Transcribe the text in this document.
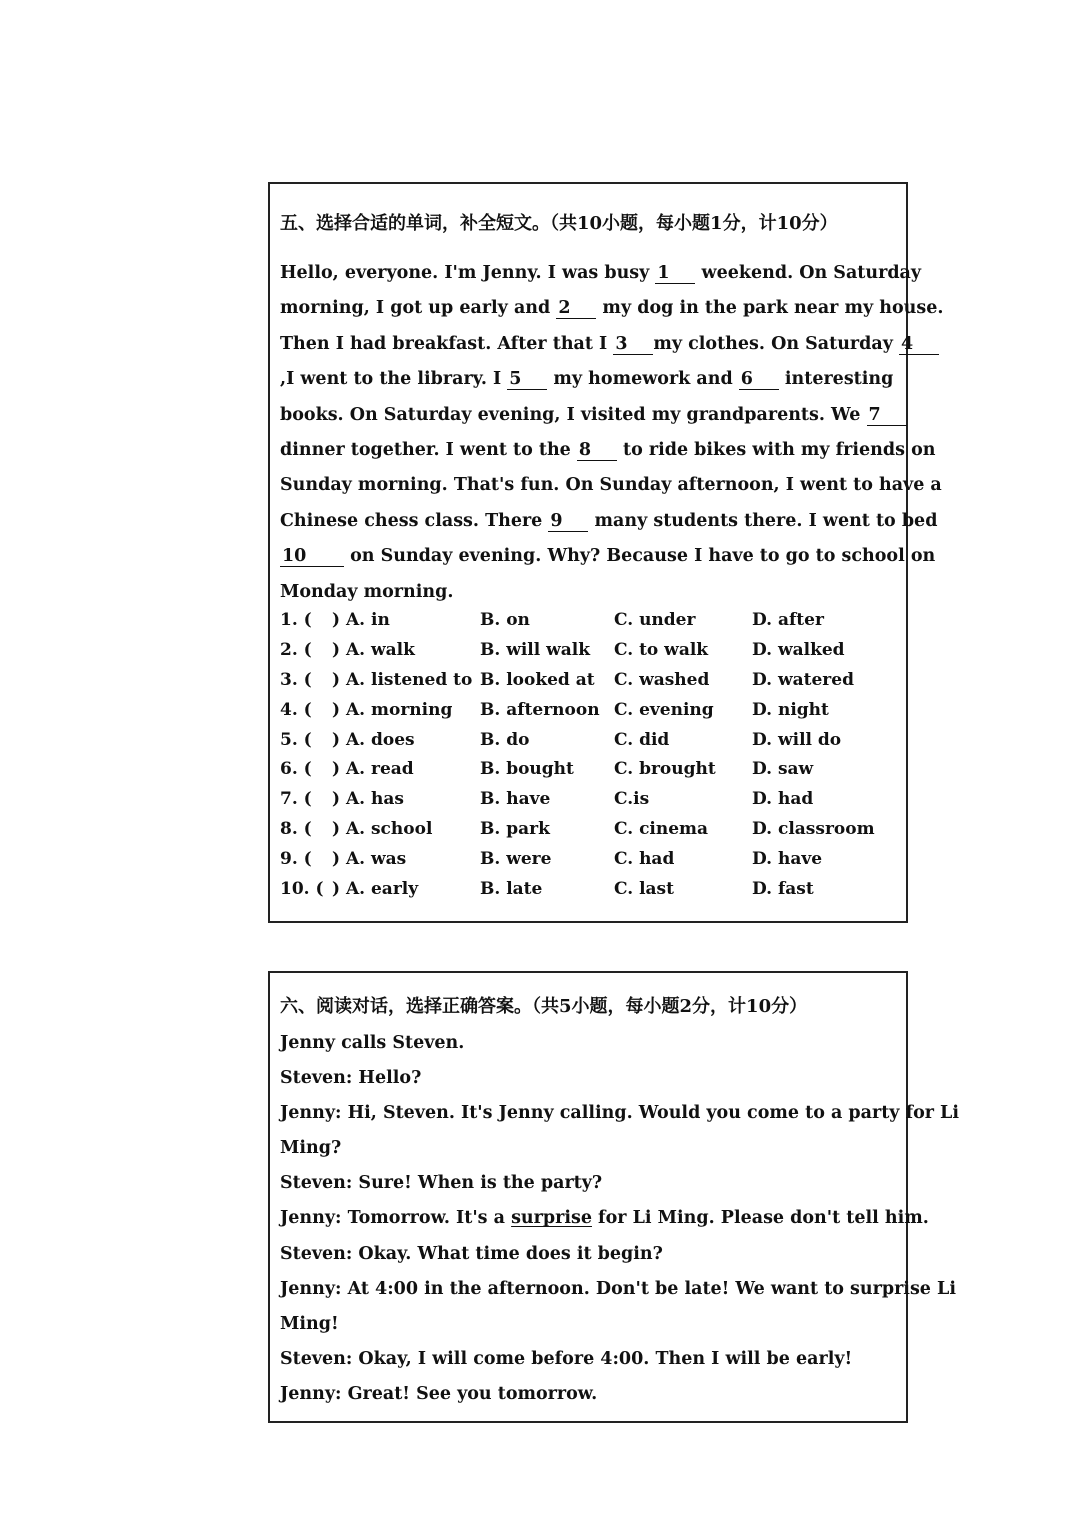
五、选择合适的单词，补全短文。（共10小题，每小题1分，计10分）
Hello, everyone. I'm Jenny. I was busy 1 weekend. On Saturday
morning, I got up early and 2 my dog in the park near my house.
Then I had breakfast. After that I 3 my clothes. On Saturday 4
,I went to the library. I 5 my homework and 6 interesting
books. On Saturday evening, I visited my grandparents. We 7
dinner together. I went to the 8 to ride bikes with my friends on
Sunday morning. That's fun. On Sunday afternoon, I went to have a
Chinese chess class. There 9 many students there. I went to bed
10 on Sunday evening. Why? Because I have to go to school on
Monday morning.
1. ( ) A. in	B. on	C. under	D. after
2. ( ) A. walk	B. will walk C. to walk	D. walked
3. ( ) A. listened to B. looked at C. washed	D. watered
4. ( ) A. morning B. afternoon C. evening D. night
5. ( ) A. does	B. do	C. did	D. will do
6. ( ) A. read	B. bought C. brought D. saw
7. ( ) A. has	B. have	C.is	D. had
8. ( ) A. school	B. park	C. cinema	D. classroom
9. ( ) A. was	B. were	C. had	D. have
10. ( ) A. early	B. late	C. last	D. fast
六、阅读对话，选择正确答案。（共5小题，每小题2分，计10分）
Jenny calls Steven.
Steven: Hello?
Jenny: Hi, Steven. It's Jenny calling. Would you come to a party for Li
Ming?
Steven: Sure! When is the party?
Jenny: Tomorrow. It's a surprise for Li Ming. Please don't tell him.
Steven: Okay. What time does it begin?
Jenny: At 4:00 in the afternoon. Don't be late! We want to surprise Li
Ming!
Steven: Okay, I will come before 4:00. Then I will be early!
Jenny: Great! See you tomorrow.
